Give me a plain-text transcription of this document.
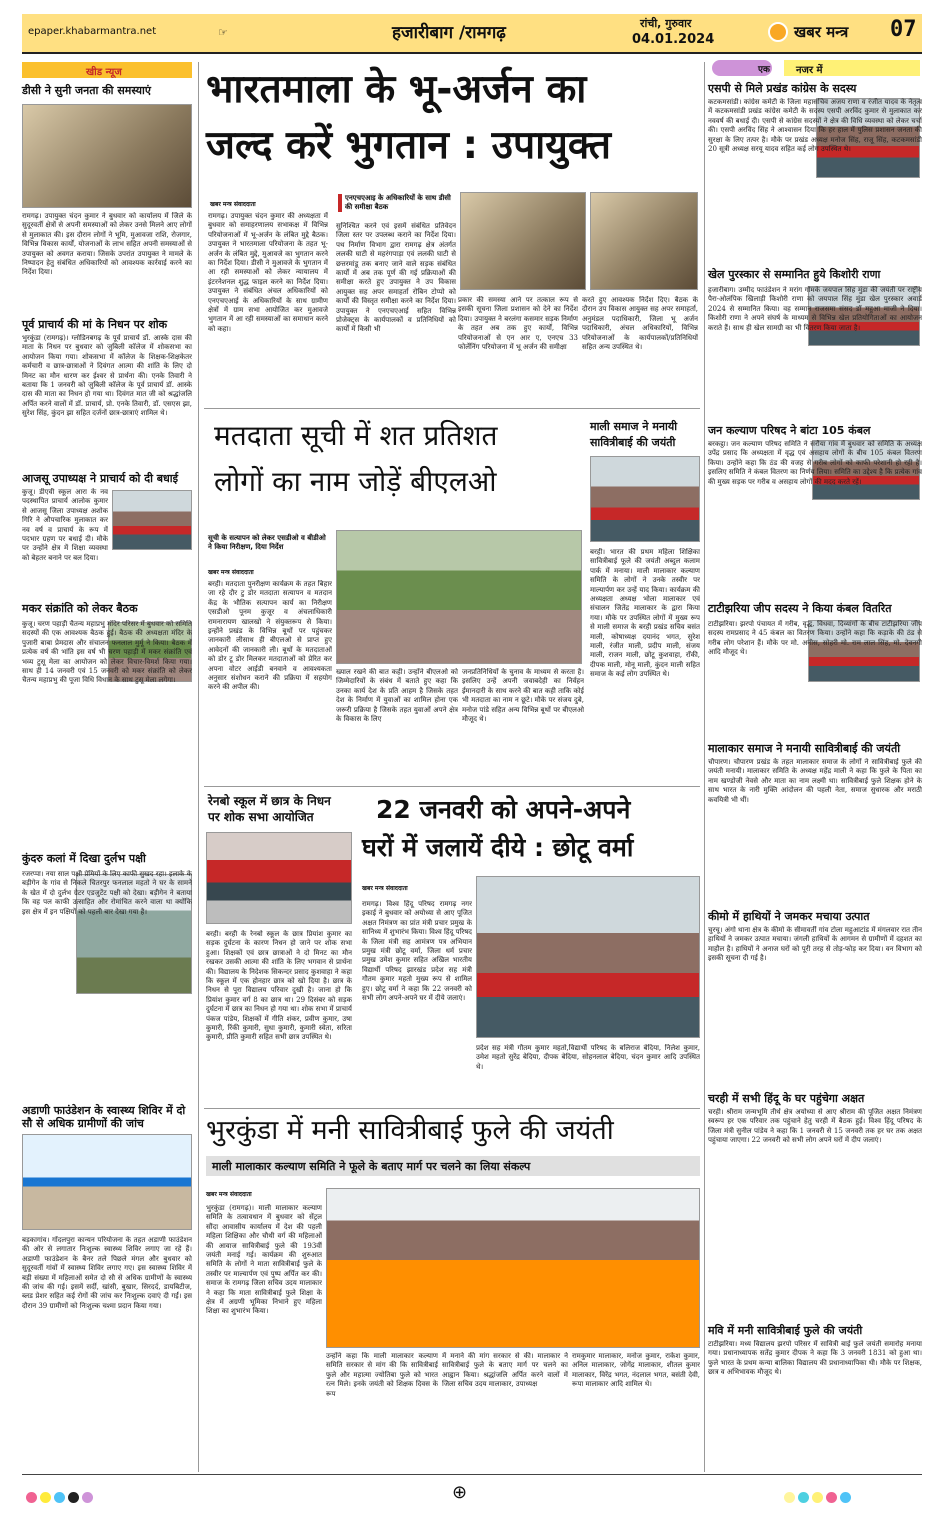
epaper.khabarmantra.net	☞	हजारीबाग /रामगढ़	रांची, गुरुवार
04.01.2024	खबर मन्त्र 07
खीड न्यूज
डीसी ने सुनी जनता की समस्याएं
रामगढ़। उपायुक्त चंदन कुमार ने बुधवार को कार्यालय में जिले के सुदूरवर्ती क्षेत्रों से अपनी समस्याओं को लेकर उनसे मिलने आए लोगों से मुलाकात की। इस दौरान लोगों ने भूमि, मुआवजा राशि, रोजगार, विभिन्न विकास कार्यों, योजनाओं के लाभ सहित अपनी समस्याओं से उपायुक्त को अवगत कराया। जिसके उपरांत उपायुक्त ने मामले के निष्पादन हेतु संबंधित अधिकारियों को आवश्यक कार्रवाई करने का निर्देश दिया।
पूर्व प्राचार्य की मां के निधन पर शोक
भुरकुंडा (रामगढ़)। ग्लोडिनबगढ़ के पूर्व प्राचार्य डॉ. आस्के दास की माता के निधन पर बुधवार को जुबिली कॉलेज में शोकसभा का आयोजन किया गया। शोकसभा में कॉलेज के शिक्षक-शिक्षकेतर कर्मचारी व छात्र-छात्राओं ने दिवंगत आत्मा की शांति के लिए दो मिनट का मौन धारण कर ईश्वर से प्रार्थना की। एनके तिवारी ने बताया कि 1 जनवरी को जुबिली कॉलेज के पूर्व प्राचार्य डॉ. आस्के दास की माता का निधन हो गया था। दिवंगत मात जी को श्रद्धांजलि अर्पित करने वालों में डॉ. प्राचार्य, प्रो. एनके तिवारी, डॉ. एसएस झा, सुरेश सिंह, कुंदन झा सहित दर्जनों छात्र-छात्राएं शामिल थे।
आजसू उपाध्यक्ष ने प्राचार्य को दी बधाई
कुजू। डीएवी स्कूल आरा के नव पदस्थापित प्राचार्य आलोक कुमार से आजसू जिला उपाध्यक्ष अशोक गिरि ने औपचारिक मुलाकात कर नव वर्ष व प्राचार्य के रूप में पदभार ग्रहण पर बधाई दी। मौके पर उन्होंने क्षेत्र में शिक्षा व्यवस्था को बेहतर बनाने पर बल दिया।
मकर संक्रांति को लेकर बैठक
कुजू। चरण पहाड़ी चैतन्य महाप्रभु मंदिर परिसर में बुधवार को समिति सदस्यों की एक आवश्यक बैठक हुई। बैठक की अध्यक्षता मंदिर के पुजारी बाबा प्रेमदास और संचालन फनलाल मुर्मू ने किया। बैठक में प्रत्येक वर्ष की भांति इस वर्ष भी चरण पहाड़ी में मकर संक्रांति एवं भव्य टुसू मेला का आयोजन को लेकर विचार-विमर्श किया गया। साथ ही 14 जनवरी एवं 15 जनवरी को मकर संक्रांति को लेकर चैतन्य महाप्रभु की पूजा विधि विधान के साथ टुसू मेला लगेगा।
कुंदरु कलां में दिखा दुर्लभ पक्षी
रजरप्पा। नया साल पक्षी प्रेमियों के लिए काफी सुखद रहा। इलाके के बड़ीगेन के गांव से निकले चितरपुर फनलाल महतो ने घर के सामने के खेत में दो दुर्लभ ग्रेटर एडजुटेंट पक्षी को देखा। बड़ीगेन ने बताया कि वह पल काफी उत्साहित और रोमांचित करने वाला था क्योंकि इस क्षेत्र में इन पक्षियों को पहली बार देखा गया है।
अडाणी फाउंडेशन के स्वास्थ्य शिविर में दो सौ से अधिक ग्रामीणों की जांच
बड़कागांव। गोंदलपुरा कान्यन परियोजना के तहत अडाणी फाउंडेशन की ओर से लगातार निःशुल्क स्वास्थ्य शिविर लगाए जा रहे हैं। अडाणी फाउंडेशन के बैनर तले पिछले मंगल और बुधवार को सुदूरवर्ती गांवों में स्वास्थ्य शिविर लगाए गए। इस स्वास्थ्य शिविर में बड़ी संख्या में महिलाओं समेत दो सौ से अधिक ग्रामीणों के स्वास्थ्य की जांच की गई। इसमें सर्दी, खांसी, बुखार, सिरदर्द, डायबिटीज, ब्लड प्रेशर सहित कई रोगों की जांच कर निःशुल्क दवाएं दी गईं। इस दौरान 39 ग्रामीणों को निःशुल्क चश्मा प्रदान किया गया।
भारतमाला के भू-अर्जन का
जल्द करें भुगतान : उपायुक्त
खबर मन्त्र संवाददाता
रामगढ़। उपायुक्त चंदन कुमार की अध्यक्षता में बुधवार को समाहरणालय सभाकक्ष में विभिन्न परियोजनाओं में भू-अर्जन के लंबित मुद्दे बैठक। उपायुक्त ने भारतमाला परियोजना के तहत भू-अर्जन के लंबित मुद्दे, मुआवजे का भुगतान करने का निर्देश दिया। डीसी ने मुआवजे के भुगतान में आ रही समस्याओं को लेकर न्यायालय में इंटरनेशनल शुद्ध फाइल करने का निर्देश दिया। उपायुक्त ने संबंधित अंचल अधिकारियों को एनएचएआई के अधिकारियों के साथ ग्रामीण क्षेत्रों में ग्राम सभा आयोजित कर मुआवजे भुगतान में आ रही समस्याओं का समाधान करने को कहा।
एनएचएआइ के अधिकारियों के साथ डीसी की समीक्षा बैठक
सुनिश्चित करने एवं इसमें संबंधित प्रतिवेदन जिला स्तर पर उपलब्ध कराने का निर्देश दिया। पथ निर्माण विभाग द्वारा रामगढ़ क्षेत्र अंतर्गत ललकी घाटी से महरंगपाड़ा एवं ललकी घाटी से छत्तरमांडू तक बनाए जाने वाले सड़क संबंधित कार्यों में अब तक पूर्ण की गई प्रक्रियाओं की समीक्षा करते हुए उपायुक्त ने उप विकास आयुक्त सह अपर समाहर्ता रोबिन टोप्पो को कार्यों की विस्तृत समीक्षा करने का निर्देश दिया। उपायुक्त ने एनएचएआई सहित विभिन्न प्रोजेक्ट्स के कार्यपालकों व प्रतिनिधियों को कार्यों में किसी भी
प्रकार की समस्या आने पर तत्काल रूप से इसकी सूचना जिला प्रशासन को देने का निर्देश दिया। उपायुक्त ने बरलंगा कसमार सड़क निर्माण के तहत अब तक हुए कार्यों, विभिन्न परियोजनाओं से एन आर ए, एनएच 33 फोर्लेनिंग परियोजना में भू अर्जन की समीक्षा
करते हुए आवश्यक निर्देश दिए। बैठक के दौरान उप विकास आयुक्त सह अपर समाहर्ता, अनुमंडल पदाधिकारी, जिला भू अर्जन पदाधिकारी, अंचल अधिकारियों, विभिन्न परियोजनाओं के कार्यपालकों/प्रतिनिधियों सहित अन्य उपस्थित थे।
मतदाता सूची में शत प्रतिशत
लोगों का नाम जोड़ें बीएलओ
सूची के सत्यापन को लेकर एसडीओ व बीडीओ ने किया निरीक्षण, दिया निर्देश
खबर मन्त्र संवाददाता
बरही। मतदाता पुनरीक्षण कार्यक्रम के तहत बिहार जा रहे दौर टु डोर मतदाता सत्यापन व मतदान केंद्र के भौतिक सत्यापन कार्य का निरीक्षण एसडीओ पूनम कुजूर व अंचलाधिकारी रामनारायण खालखो ने संयुक्तरूप से किया। इन्होंने प्रखंड के विभिन्न बूथों पर पहुंचकर जानकारी लीसाथ ही बीएलओ से प्राप्त हुए आवेदनों की जानकारी ली। बूथों के मतदाताओं को डोर टू डोर मिलकर मतदाताओं को प्रेरित कर अपना वोटर आईडी बनवाने व आवश्यकता अनुसार संशोधन कराने की प्रक्रिया में सहयोग करने की अपील की।
ख्याल रखने की बात कही। उन्होंने बीएलओ को जिम्मेदारियों के संबंध में बताते हुए कहा कि उनका कार्य देश के प्रति आहम है जिसके तहत देश के निर्माण में युवाओं का शामिल होना एक जरूरी प्रक्रिया है जिसके तहत युवाओं अपने क्षेत्र के विकास के लिए
जनप्रतिनिधियों के चुनाव के माध्यम से करता है। इसलिए उन्हें अपनी जवाबदेही का निर्वहन ईमानदारी के साथ करने की बात कही ताकि कोई भी मतदाता का नाम न छूटे। मौके पर संजय दुबे, मनोज पांडे सहित अन्य विभिन्न बूथों पर बीएलओ मौजूद थे।
माली समाज ने मनायी
सावित्रीबाई की जयंती
बरही। भारत की प्रथम महिला शिक्षिका सावित्रीबाई फूले की जयंती अब्दुल कलाम पार्क में मनाया। माली मालाकार कल्याण समिति के लोगों ने उनके तस्वीर पर माल्यार्पण कर उन्हें याद किया। कार्यक्रम की अध्यक्षता अध्यक्ष भोला मालाकार एवं संचालन जितेंद्र मालाकार के द्वारा किया गया। मौके पर उपस्थित लोगों में मुख्य रूप से माली समाज के बरही प्रखंड सचिव बसंत माली, कोषाध्यक्ष दयानंद भगत, सुरेश माली, रंजीत माली, प्रदीप माली, संजय माली, राजन माली, छोटू कुशवाहा, राँकी, दीपक माली, मोनू माली, कुंदन माली सहित समाज के कई लोग उपस्थित थे।
रेनबो स्कूल में छात्र के निधन
पर शोक सभा आयोजित
बरही। बरही के रेनबो स्कूल के छात्र प्रियांश कुमार का सड़क दुर्घटना के कारण निधन हो जाने पर शोक सभा हुआ। शिक्षकों एवं छात्र छात्राओं ने दो मिनट का मौन रखकर उसकी आत्मा की शांति के लिए भगवान से प्रार्थना की। विद्यालय के निदेशक सिकन्दर प्रसाद कुशवाहा ने कहा कि स्कूल में एक होनहार छात्र को खो दिया है। छात्र के निधन से पूरा विद्यालय परिवार दुखी है। जाना हो कि प्रियांश कुमार वर्ग 8 का छात्र था। 29 दिसंबर को सड़क दुर्घटना में छात्र का निधन हो गया था। शोक सभा में प्राचार्य पंकज पांडेय, शिक्षकों में गीति शंकर, प्रवीण कुमार, उषा कुमारी, रिंकी कुमारी, सुधा कुमारी, कुमारी स्वेता, सरिता कुमारी, प्रीति कुमारी सहित सभी छात्र उपस्थित थे।
22 जनवरी को अपने-अपने
घरों में जलायें दीये : छोटू वर्मा
खबर मन्त्र संवाददाता
रामगढ़। विश्व हिंदू परिषद रामगढ़ नगर इकाई ने बुधवार को अयोध्या से आए पूजित अक्षत निमंत्रण का प्रांत मंत्री प्रचार प्रमुख के सानिध्य में शुभारंभ किया। विश्व हिंदू परिषद के जिला मंत्री सह आमंत्रण पत्र अभियान प्रमुख मंत्री छोटू वर्मा, जिला धर्म प्रचार प्रमुख उमेश कुमार सहित अखिल भारतीय विद्यार्थी परिषद झारखंड प्रदेश सह मंत्री गौतम कुमार महतो मुख्य रूप से शामिल हुए। छोटू वर्मा ने कहा कि 22 जनवरी को सभी लोग अपने-अपने घर में दीये जलाएं।
प्रदेश सह मंत्री गौतम कुमार महतो,विद्यार्थी परिषद के बलिराज बेदिया, निलेश कुमार, उमेश महतो सुरेंद्र बेदिया, दीपक बेदिया, सोहनलाल बेदिया, चंदन कुमार आदि उपस्थित थे।
भुरकुंडा में मनी सावित्रीबाई फुले की जयंती
माली मालाकार कल्याण समिति ने फूले के बताए मार्ग पर चलने का लिया संकल्प
खबर मन्त्र संवाददाता
भुरकुंडा (रामगढ़)। माली मालाकार कल्याण समिति के तत्वावधान में बुधवार को सेंट्रल सौंदा आवासीय कार्यालय में देश की पहली महिला शिक्षिका और चौथी वर्ग की महिलाओं की आवाज सावित्रीबाई फुले की 193वीं जयंती मनाई गई। कार्यक्रम की शुरुआत समिति के लोगों ने माता सावित्रीबाई फुले के तस्वीर पर माल्यार्पण एवं पुष्प अर्पित कर की। समाज के रामगढ़ जिला सचिव उदय मालाकार ने कहा कि माता सावित्रीबाई फुले शिक्षा के क्षेत्र में अग्रणी भूमिका निभाने हुए महिला शिक्षा का शुभारंभ किया।
उन्होंने कहा कि माली मालाकार कल्याण समिति सरकार से मांग की कि सावित्रीबाई फुले और महात्मा ज्योतिबा फुले को भारत रत्न मिले। इनके जयंती को शिक्षक दिवस के रूप
में मनाने की मांग सरकार से की। मालाकार ने सावित्रीबाई फुले के बताए मार्ग पर चलने का आह्वान किया। श्रद्धांजलि अर्पित करने वालों में जिला सचिव उदय मालाकार, उपाध्यक्ष
रामकुमार मालाकार, मनोज कुमार, राकेश कुमार, अनिल मालाकार, जोगेंद्र मालाकार, शीतल कुमार मालाकार, विरेंद्र भगत, नंदलाल भगत, बसंती देवी, रूपा मालाकार आदि शामिल थे।
एक	नजर में
एसपी से मिले प्रखंड कांग्रेस के सदस्य
कटकमसांडी। कांग्रेस कमेटी के जिला महासचिव अजय राणा व रंजीत यादव के नेतृत्व में कटकमसांडी प्रखंड कांग्रेस कमेटी के सदस्य एसपी अरविंद कुमार से मुलाकात कर नववर्ष की बधाई दी। एसपी से कांग्रेस सदस्यों ने क्षेत्र की विधि व्यवस्था को लेकर चर्चा की। एसपी अरविंद सिंह ने आश्वासन दिया कि हर हाल में पुलिस प्रशासन जनता की सुरक्षा के लिए तत्पर है। मौके पर प्रखंड अध्यक्ष मनोज सिंह, राजू सिंह, कटकमसांडी 20 सूत्री अध्यक्ष सरयू यादव सहित कई लोग उपस्थित थे।
खेल पुरस्कार से सम्मानित हुये किशोरी राणा
हजारीबाग। उम्मीद फाउंडेशन ने मरांग गोमके जयपाल सिंह मुंडा की जयंती पर राष्ट्रीय पैरा-ओलंपिक खिलाड़ी किशोरी राणा को जयपाल सिंह मुंडा खेल पुरस्कार अवार्ड 2024 से सम्मानित किया। वह सम्मान राजसमा संसद डॉ महुआ माजी ने दिया। किशोरी राणा ने अपने संघर्ष के माध्यम से विभिन्न खेल प्रतियोगिताओं का आयोजन कराते हैं। साथ ही खेल सामग्री का भी वितरण किया जाता है।
जन कल्याण परिषद ने बांटा 105 कंबल
बरकट्ठा। जन कल्याण परिषद समिति ने सरौया गांव में बुधवार को समिति के अध्यक्ष उपेंद्र प्रसाद कि अध्यक्षता में वृद्ध एवं असहाय लोगों के बीच 105 कंबल वितरण किया। उन्होंने कहा कि ठंड की वजह से गरीब लोगों को काफी परेशानी हो रही है। इसलिए समिति ने कंबल वितरण का निर्णय लिया। समिति का उद्देश्य है कि प्रत्येक गांव की मुख्य सड़क पर गरीब व असहाय लोगों की मदद करते रहें।
टाटीझरिया जीप सदस्य ने किया कंबल वितरित
टाटीझरिया। झरपो पंचायत में गरीब, वृद्ध, विधवा, दिव्यांगों के बीच टाटीझरिया जीप सदस्य रामप्रसाद ने 45 कंबल का वितरण किया। उन्होंने कहा कि कड़ाके की ठंड से गरीब लोग परेशान हैं। मौके पर मो. अनीस, सोहरी मो. राम लाल सिंह, मो. देवनगी आदि मौजूद थे।
मालाकार समाज ने मनायी सावित्रीबाई की जयंती
चौपारण। चौपारण प्रखंड के तहत मालाकार समाज के लोगों ने सावित्रीबाई फुले की जयंती मनायी। मालाकार समिति के अध्यक्ष महेंद्र माली ने कहा कि फुले के पिता का नाम खण्डोजी नेवसे और माता का नाम लक्ष्मी था। सावित्रीबाई फुले शिक्षक होने के साथ भारत के नारी मुक्ति आंदोलन की पहली नेता, समाज सुधारक और मराठी कवयित्री भी थीं।
कीमो में हाथियों ने जमकर मचाया उत्पात
चुरचू। अंगो थाना क्षेत्र के कीमो के सीमावर्ती गांव टोला महुआटांड में मंगलवार रात तीन हाथियों ने जमकर उत्पात मचाया। जंगली हाथियों के आगमन से ग्रामीणों में दहशत का माहौल है। हाथियों ने अनाज घरों को पूरी तरह से तोड़-फोड़ कर दिया। वन विभाग को इसकी सूचना दी गई है।
चरही में सभी हिंदू के घर पहुंचेगा अक्षत
चरही। श्रीराम जन्मभूमि तीर्थ क्षेत्र अयोध्या से आए श्रीराम की पूजित अक्षत निमंत्रण स्वरूप हर एक परिवार तक पहुंचाने हेतु चरही में बैठक हुई। विश्व हिंदू परिषद के जिला मंत्री सुनील पांडेय ने कहा कि 1 जनवरी से 15 जनवरी तक हर घर तक अक्षत पहुंचाया जाएगा। 22 जनवरी को सभी लोग अपने घरों में दीप जलाएं।
मवि में मनी सावित्रीबाई फुले की जयंती
टाटीझरिया। मध्य विद्यालय झरपो परिसर में सावित्री बाई फुले जयंती समारोह मनाया गया। प्रधानाध्यापक सतेंद्र कुमार दीपक ने कहा कि 3 जनवरी 1831 को हुआ था। फुले भारत के प्रथम कन्या बालिका विद्यालय की प्रधानाध्यापिका थी। मौके पर शिक्षक, छात्र व अभिभावक मौजूद थे।
⊕
